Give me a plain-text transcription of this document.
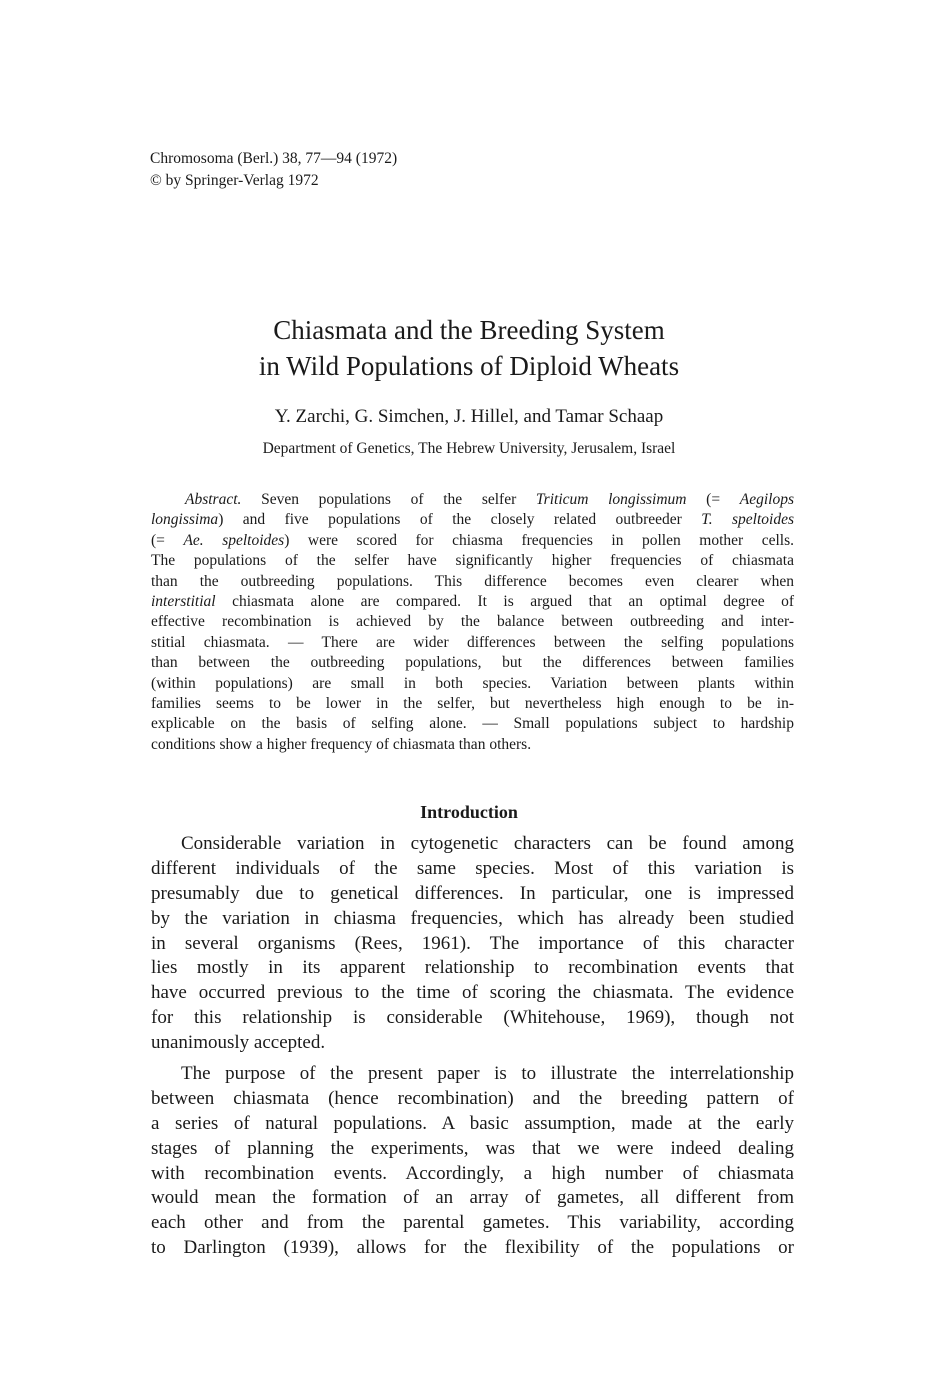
Chromosoma (Berl.) 38, 77—94 (1972)
© by Springer-Verlag 1972
Chiasmata and the Breeding System
in Wild Populations of Diploid Wheats
Y. Zarchi, G. Simchen, J. Hillel, and Tamar Schaap
Department of Genetics, The Hebrew University, Jerusalem, Israel
Abstract. Seven populations of the selfer Triticum longissimum (= Aegilops
longissima) and five populations of the closely related outbreeder T. speltoides
(= Ae. speltoides) were scored for chiasma frequencies in pollen mother cells.
The populations of the selfer have significantly higher frequencies of chiasmata
than the outbreeding populations. This difference becomes even clearer when
interstitial chiasmata alone are compared. It is argued that an optimal degree of
effective recombination is achieved by the balance between outbreeding and inter-
stitial chiasmata. — There are wider differences between the selfing populations
than between the outbreeding populations, but the differences between families
(within populations) are small in both species. Variation between plants within
families seems to be lower in the selfer, but nevertheless high enough to be in-
explicable on the basis of selfing alone. — Small populations subject to hardship
conditions show a higher frequency of chiasmata than others.
Introduction
Considerable variation in cytogenetic characters can be found among
different individuals of the same species. Most of this variation is
presumably due to genetical differences. In particular, one is impressed
by the variation in chiasma frequencies, which has already been studied
in several organisms (Rees, 1961). The importance of this character
lies mostly in its apparent relationship to recombination events that
have occurred previous to the time of scoring the chiasmata. The evidence
for this relationship is considerable (Whitehouse, 1969), though not
unanimously accepted.
The purpose of the present paper is to illustrate the interrelationship
between chiasmata (hence recombination) and the breeding pattern of
a series of natural populations. A basic assumption, made at the early
stages of planning the experiments, was that we were indeed dealing
with recombination events. Accordingly, a high number of chiasmata
would mean the formation of an array of gametes, all different from
each other and from the parental gametes. This variability, according
to Darlington (1939), allows for the flexibility of the populations or
